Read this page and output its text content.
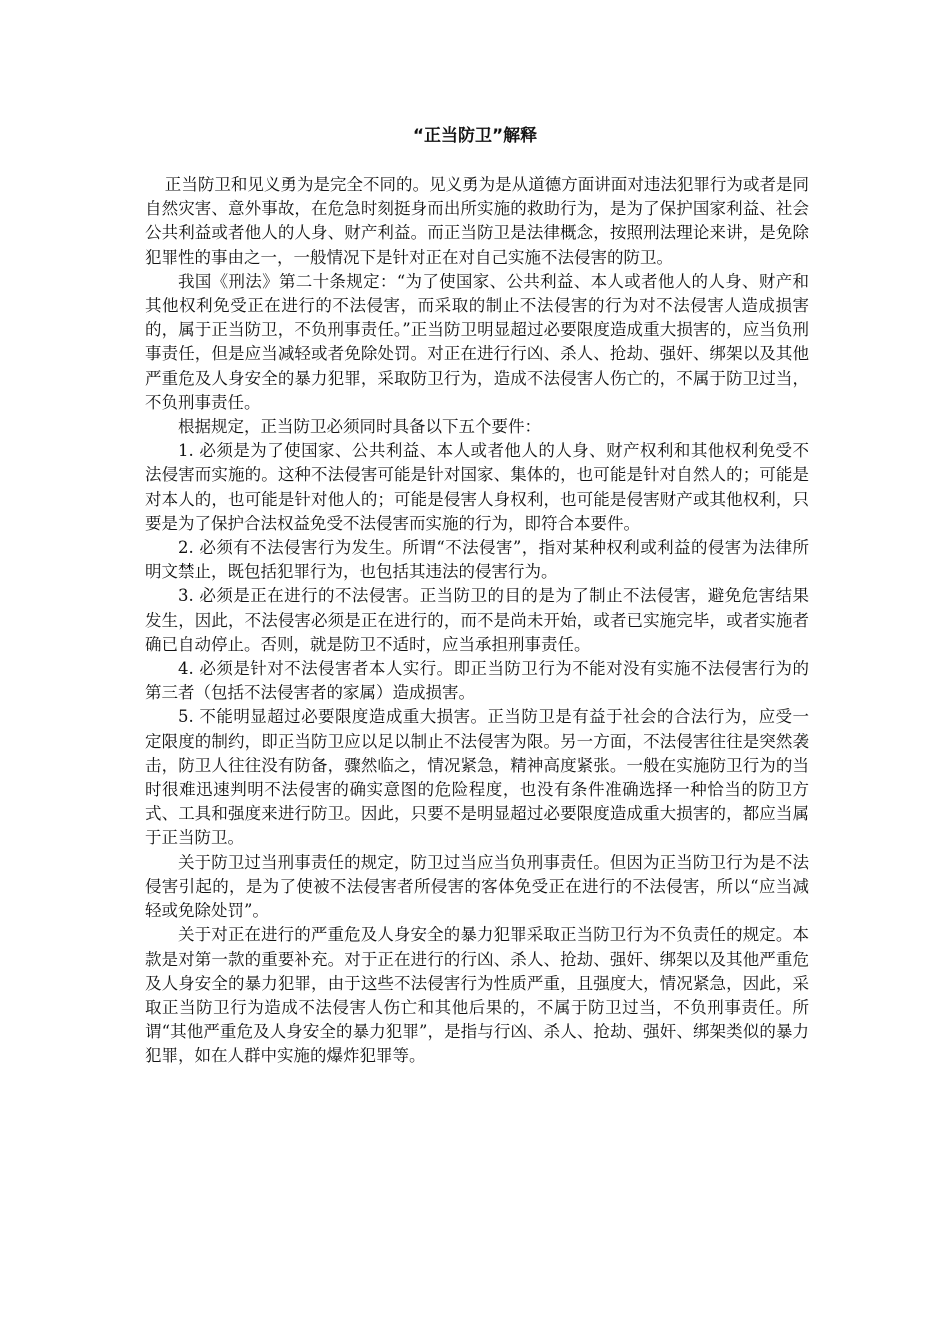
“正当防卫”解释

正当防卫和见义勇为是完全不同的。见义勇为是从道德方面讲面对违法犯罪行为或者是同自然灾害、意外事故，在危急时刻挺身而出所实施的救助行为，是为了保护国家利益、社会公共利益或者他人的人身、财产利益。而正当防卫是法律概念，按照刑法理论来讲，是免除犯罪性的事由之一，一般情况下是针对正在对自己实施不法侵害的防卫。

我国《刑法》第二十条规定：“为了使国家、公共利益、本人或者他人的人身、财产和其他权利免受正在进行的不法侵害，而采取的制止不法侵害的行为对不法侵害人造成损害的，属于正当防卫，不负刑事责任。”正当防卫明显超过必要限度造成重大损害的，应当负刑事责任，但是应当减轻或者免除处罚。对正在进行行凶、杀人、抢劫、强奸、绑架以及其他严重危及人身安全的暴力犯罪，采取防卫行为，造成不法侵害人伤亡的，不属于防卫过当，不负刑事责任。

根据规定，正当防卫必须同时具备以下五个要件：

1. 必须是为了使国家、公共利益、本人或者他人的人身、财产权利和其他权利免受不法侵害而实施的。这种不法侵害可能是针对国家、集体的，也可能是针对自然人的；可能是对本人的，也可能是针对他人的；可能是侵害人身权利，也可能是侵害财产或其他权利，只要是为了保护合法权益免受不法侵害而实施的行为，即符合本要件。

2. 必须有不法侵害行为发生。所谓“不法侵害”，指对某种权利或利益的侵害为法律所明文禁止，既包括犯罪行为，也包括其违法的侵害行为。

3. 必须是正在进行的不法侵害。正当防卫的目的是为了制止不法侵害，避免危害结果发生，因此，不法侵害必须是正在进行的，而不是尚未开始，或者已实施完毕，或者实施者确已自动停止。否则，就是防卫不适时，应当承担刑事责任。

4. 必须是针对不法侵害者本人实行。即正当防卫行为不能对没有实施不法侵害行为的第三者（包括不法侵害者的家属）造成损害。

5. 不能明显超过必要限度造成重大损害。正当防卫是有益于社会的合法行为，应受一定限度的制约，即正当防卫应以足以制止不法侵害为限。另一方面，不法侵害往往是突然袭击，防卫人往往没有防备，骤然临之，情况紧急，精神高度紧张。一般在实施防卫行为的当时很难迅速判明不法侵害的确实意图的危险程度，也没有条件准确选择一种恰当的防卫方式、工具和强度来进行防卫。因此，只要不是明显超过必要限度造成重大损害的，都应当属于正当防卫。

关于防卫过当刑事责任的规定，防卫过当应当负刑事责任。但因为正当防卫行为是不法侵害引起的，是为了使被不法侵害者所侵害的客体免受正在进行的不法侵害，所以“应当减轻或免除处罚”。

关于对正在进行的严重危及人身安全的暴力犯罪采取正当防卫行为不负责任的规定。本款是对第一款的重要补充。对于正在进行的行凶、杀人、抢劫、强奸、绑架以及其他严重危及人身安全的暴力犯罪，由于这些不法侵害行为性质严重，且强度大，情况紧急，因此，采取正当防卫行为造成不法侵害人伤亡和其他后果的，不属于防卫过当，不负刑事责任。所谓“其他严重危及人身安全的暴力犯罪”，是指与行凶、杀人、抢劫、强奸、绑架类似的暴力犯罪，如在人群中实施的爆炸犯罪等。
